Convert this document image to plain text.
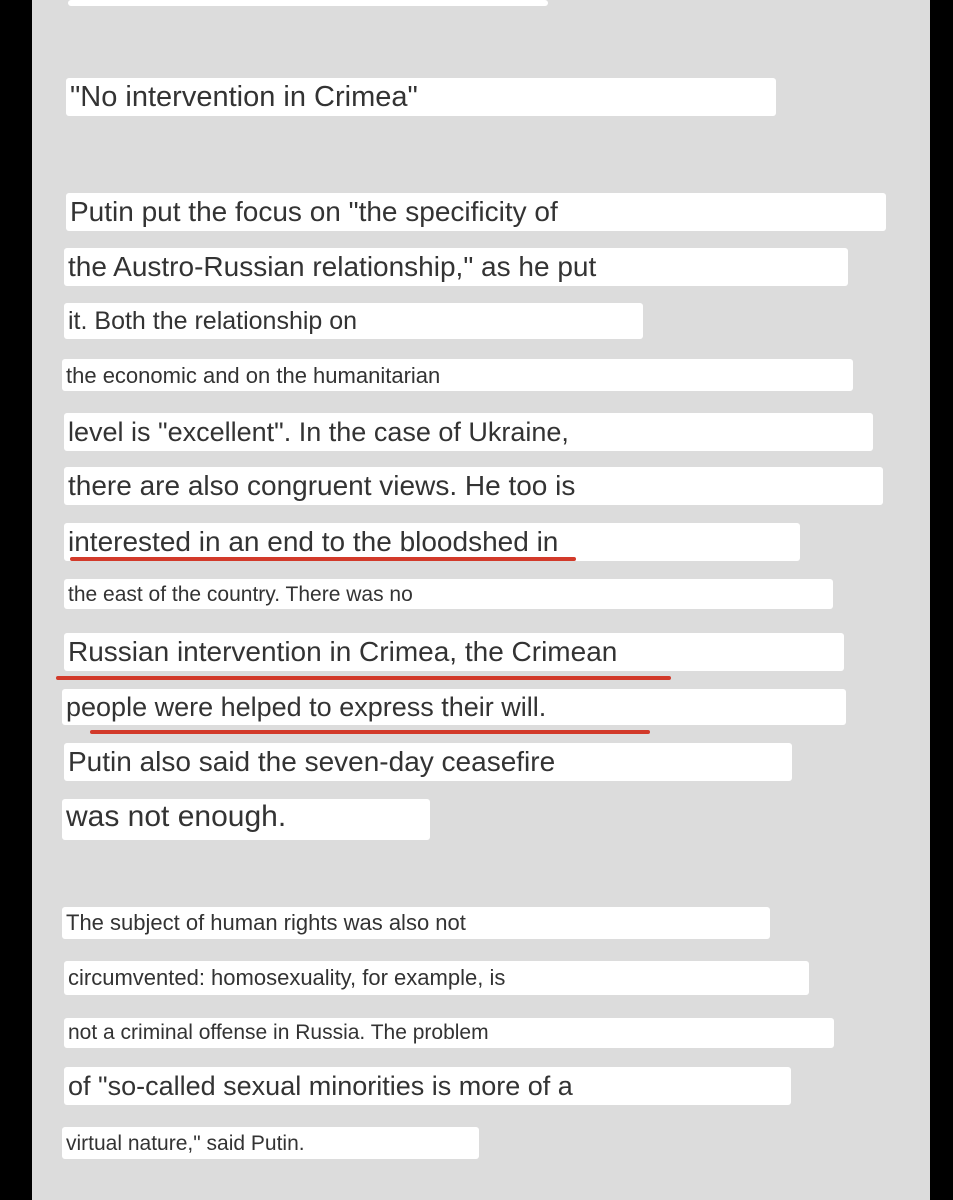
"No intervention in Crimea"
Putin put the focus on "the specificity of
the Austro-Russian relationship," as he put
it. Both the relationship on
the economic and on the humanitarian
level is "excellent". In the case of Ukraine,
there are also congruent views. He too is
interested in an end to the bloodshed in
the east of the country. There was no
Russian intervention in Crimea, the Crimean
people were helped to express their will.
Putin also said the seven-day ceasefire
was not enough.
The subject of human rights was also not
circumvented: homosexuality, for example, is
not a criminal offense in Russia. The problem
of "so-called sexual minorities is more of a
virtual nature," said Putin.
